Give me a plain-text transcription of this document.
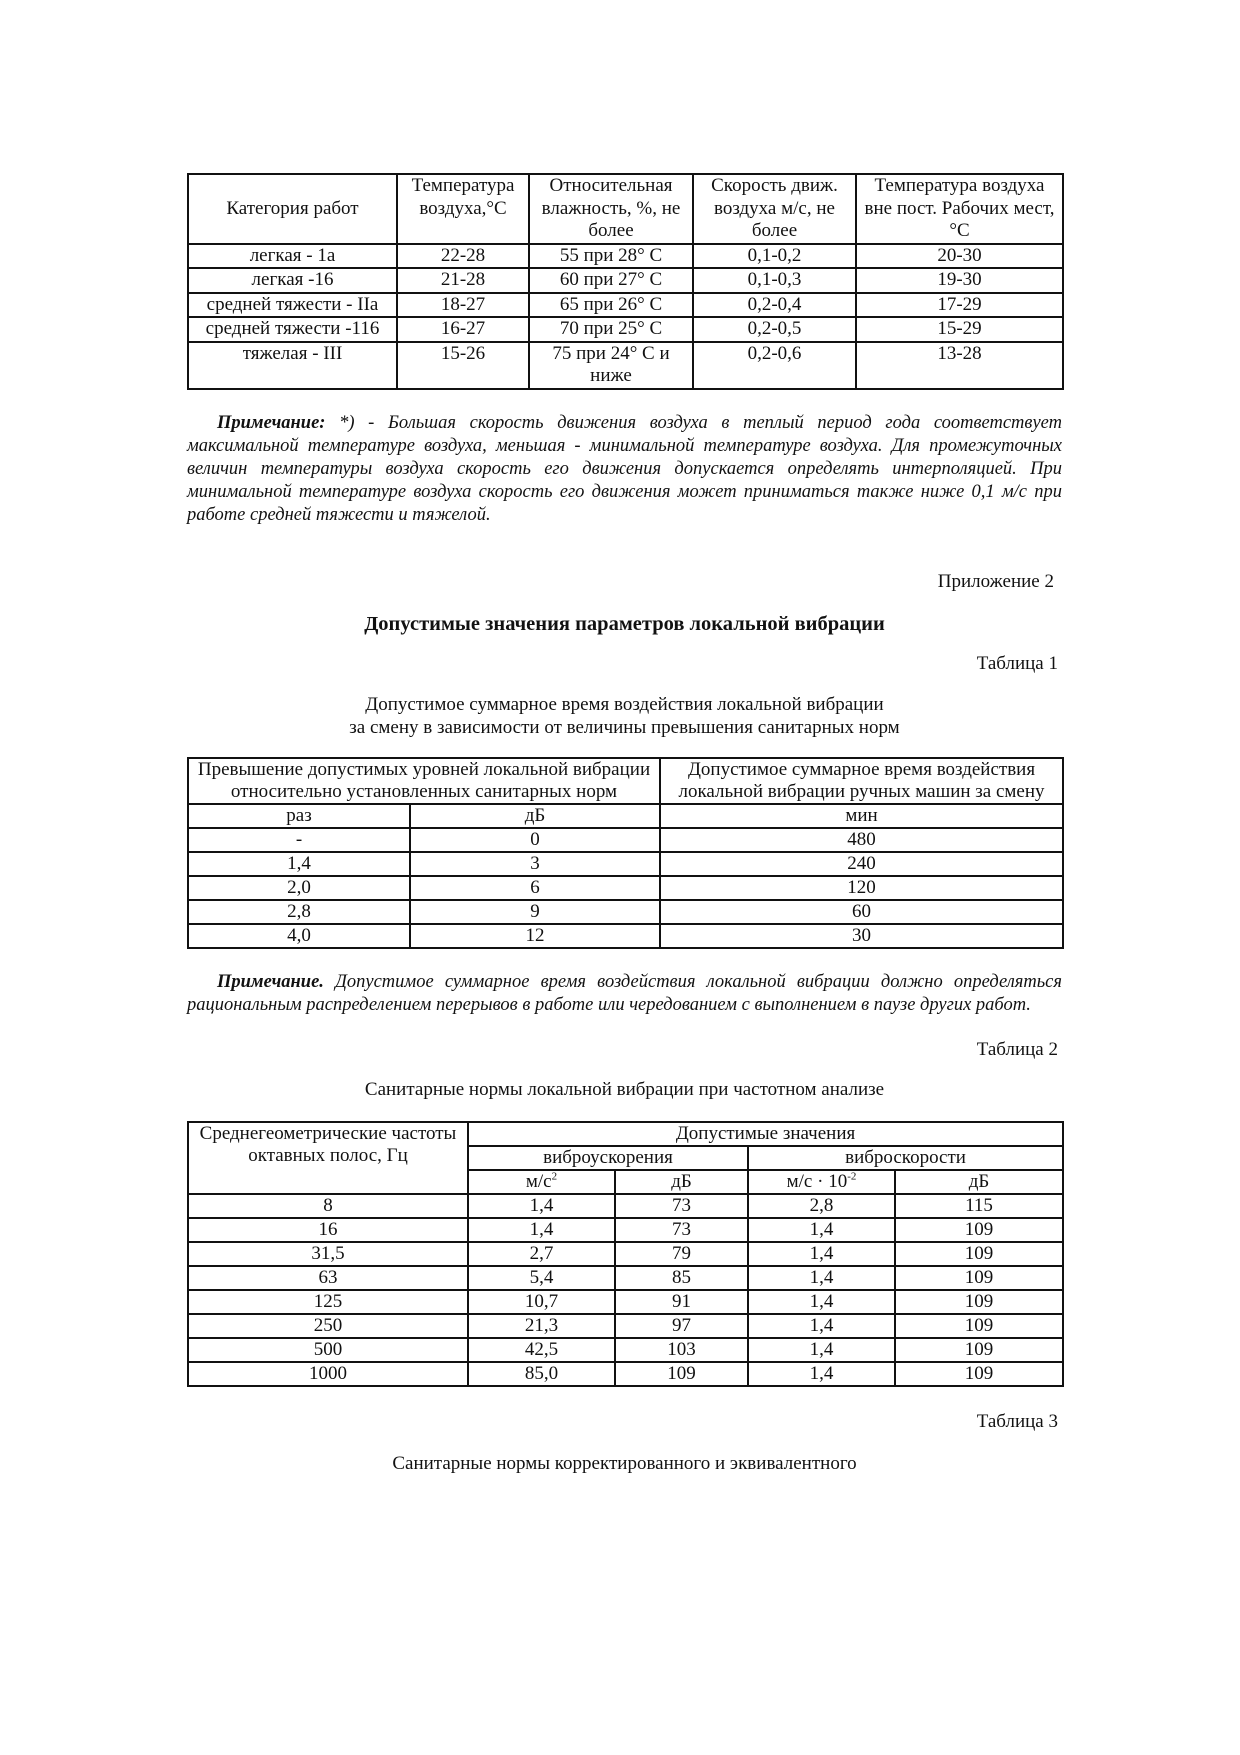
Категория работ	Температура воздуха,°С	Относительная влажность, %, не более	Скорость движ. воздуха м/с, не более	Температура воздуха вне пост. Рабочих мест, °С
легкая - 1а	22-28	55 при 28° С	0,1-0,2	20-30
легкая -16	21-28	60 при 27° С	0,1-0,3	19-30
средней тяжести - IIa	18-27	65 при 26° С	0,2-0,4	17-29
средней тяжести -116	16-27	70 при 25° С	0,2-0,5	15-29
тяжелая - III	15-26	75 при 24° С и ниже	0,2-0,6	13-28

Примечание: *) - Большая скорость движения воздуха в теплый период года соответствует максимальной температуре воздуха, меньшая - минимальной температуре воздуха. Для промежуточных величин температуры воздуха скорость его движения допускается определять интерполяцией. При минимальной температуре воздуха скорость его движения может приниматься также ниже 0,1 м/с при работе средней тяжести и тяжелой.

Приложение 2

Допустимые значения параметров локальной вибрации

Таблица 1

Допустимое суммарное время воздействия локальной вибрации

за смену в зависимости от величины превышения санитарных норм

Превышение допустимых уровней локальной вибрации относительно установленных санитарных норм		Допустимое суммарное время воздействия локальной вибрации ручных машин за смену
раз	дБ	мин
-	0	480
1,4	3	240
2,0	6	120
2,8	9	60
4,0	12	30

Примечание. Допустимое суммарное время воздействия локальной вибрации должно определяться рациональным распределением перерывов в работе или чередованием с выполнением в паузе других работ.

Таблица 2

Санитарные нормы локальной вибрации при частотном анализе

Среднегеометрические частоты октавных полос, Гц	Допустимые значения			
	виброускорения		виброскорости	
	$м/с^2$	дБ	$м/с \cdot 10^{-2}$	дБ
8	1,4	73	2,8	115
16	1,4	73	1,4	109
31,5	2,7	79	1,4	109
63	5,4	85	1,4	109
125	10,7	91	1,4	109
250	21,3	97	1,4	109
500	42,5	103	1,4	109
1000	85,0	109	1,4	109

Таблица 3

Санитарные нормы корректированного и эквивалентного
